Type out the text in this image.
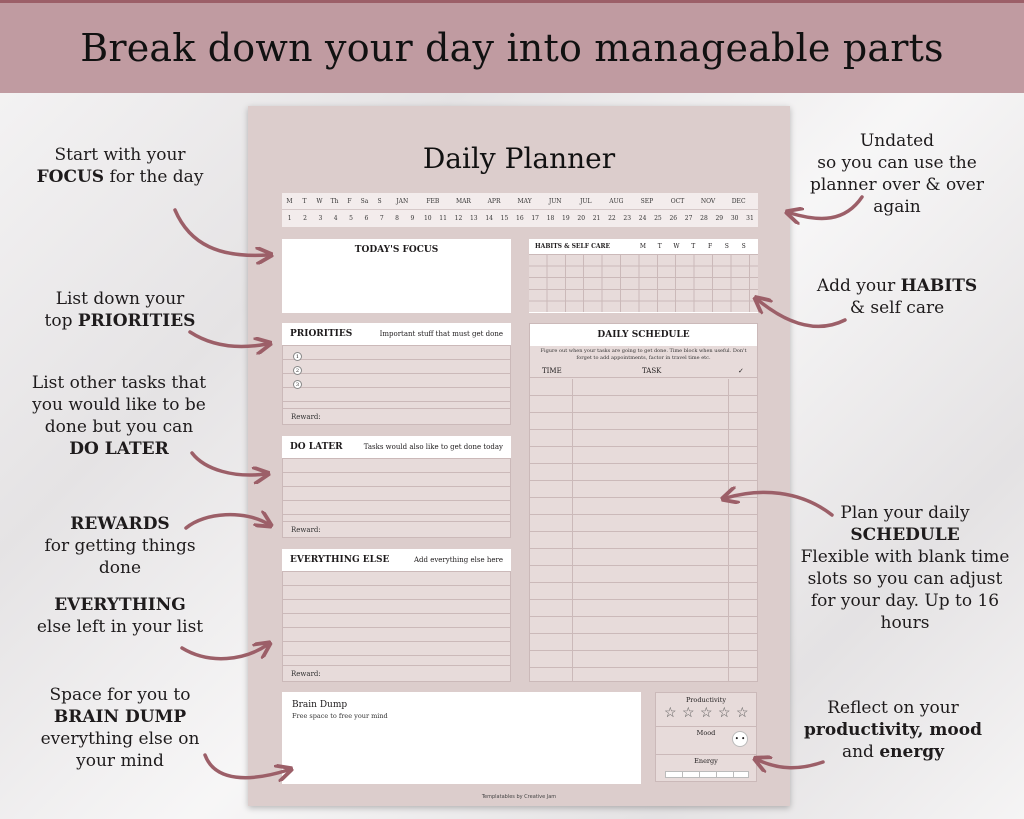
Break down your day into manageable parts
Daily Planner
M	T	W	Th	F	Sa	S	JAN	FEB	MAR	APR	MAY	JUN	JUL	AUG	SEP	OCT	NOV	DEC
1	2	3	4	5	6	7	8	9	10	11	12	13	14	15	16	17	18	19	20	21	22	23	24	25	26	27	28	29	30	31
TODAY'S FOCUS	HABITS & SELF CARE	M	T	W	T	F	S	S
PRIORITIES	Important stuff that must get done
1
2
3
Reward:
DO LATER	Tasks would also like to get done today
Reward:
EVERYTHING ELSE	Add everything else here
Reward:
DAILY SCHEDULE
Figure out when your tasks are going to get done. Time block when useful. Don't forget to add appointments, factor in travel time etc.
TIME	TASK	✓
Brain Dump
Free space to free your mind
Productivity
☆ ☆ ☆ ☆ ☆
Mood
• •
Energy
Templatables by Creative Jam
Start with your
FOCUS for the day
List down your
top PRIORITIES
List other tasks that
you would like to be
done but you can
DO LATER
REWARDS
for getting things
done
EVERYTHING
else left in your list
Space for you to
BRAIN DUMP
everything else on
your mind
Undated
so you can use the
planner over & over
again
Add your HABITS
& self care
Plan your daily
SCHEDULE
Flexible with blank time
slots so you can adjust
for your day. Up to 16
hours
Reflect on your
productivity, mood
and energy
